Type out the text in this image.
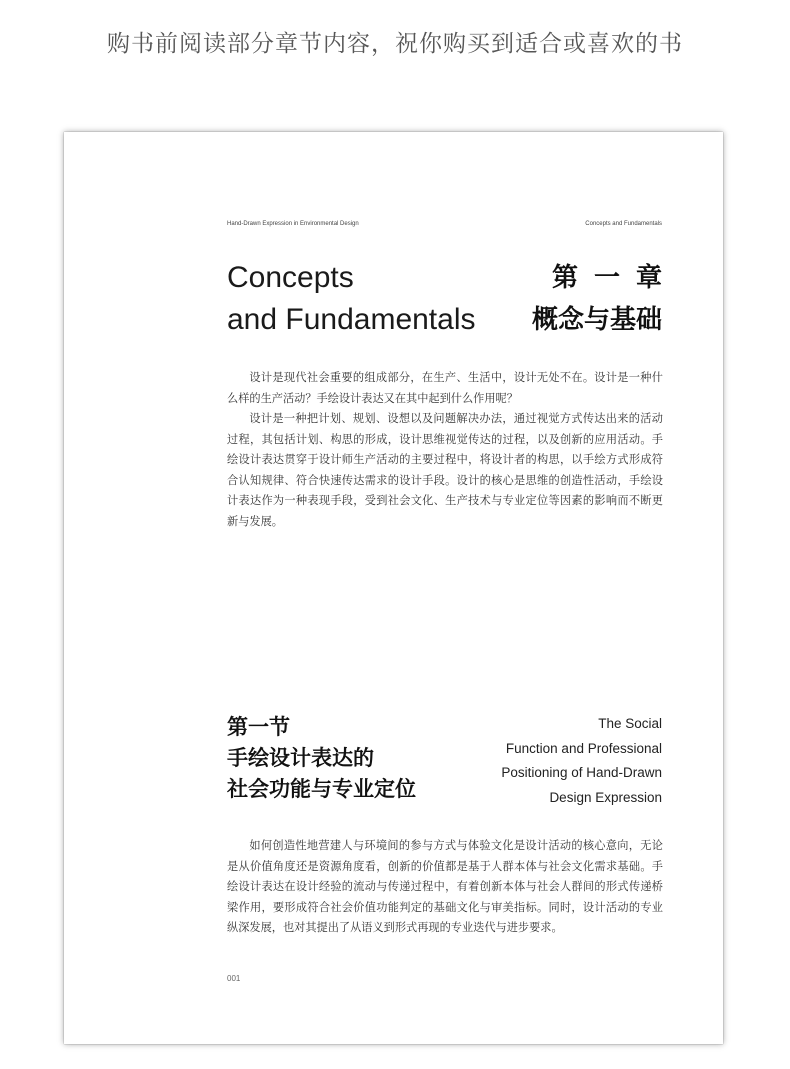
购书前阅读部分章节内容，祝你购买到适合或喜欢的书
Hand-Drawn Expression in Environmental Design	Concepts and Fundamentals
Concepts
and Fundamentals
第一章
概念与基础

设计是现代社会重要的组成部分，在生产、生活中，设计无处不在。设计是一种什么样的生产活动？手绘设计表达又在其中起到什么作用呢？

设计是一种把计划、规划、设想以及问题解决办法，通过视觉方式传达出来的活动过程，其包括计划、构思的形成，设计思维视觉传达的过程，以及创新的应用活动。手绘设计表达贯穿于设计师生产活动的主要过程中，将设计者的构思，以手绘方式形成符合认知规律、符合快速传达需求的设计手段。设计的核心是思维的创造性活动，手绘设计表达作为一种表现手段，受到社会文化、生产技术与专业定位等因素的影响而不断更新与发展。

第一节
手绘设计表达的
社会功能与专业定位
The Social
Function and Professional
Positioning of Hand-Drawn
Design Expression

如何创造性地营建人与环境间的参与方式与体验文化是设计活动的核心意向，无论是从价值角度还是资源角度看，创新的价值都是基于人群本体与社会文化需求基础。手绘设计表达在设计经验的流动与传递过程中，有着创新本体与社会人群间的形式传递桥梁作用，要形成符合社会价值功能判定的基础文化与审美指标。同时，设计活动的专业纵深发展，也对其提出了从语义到形式再现的专业迭代与进步要求。

001
